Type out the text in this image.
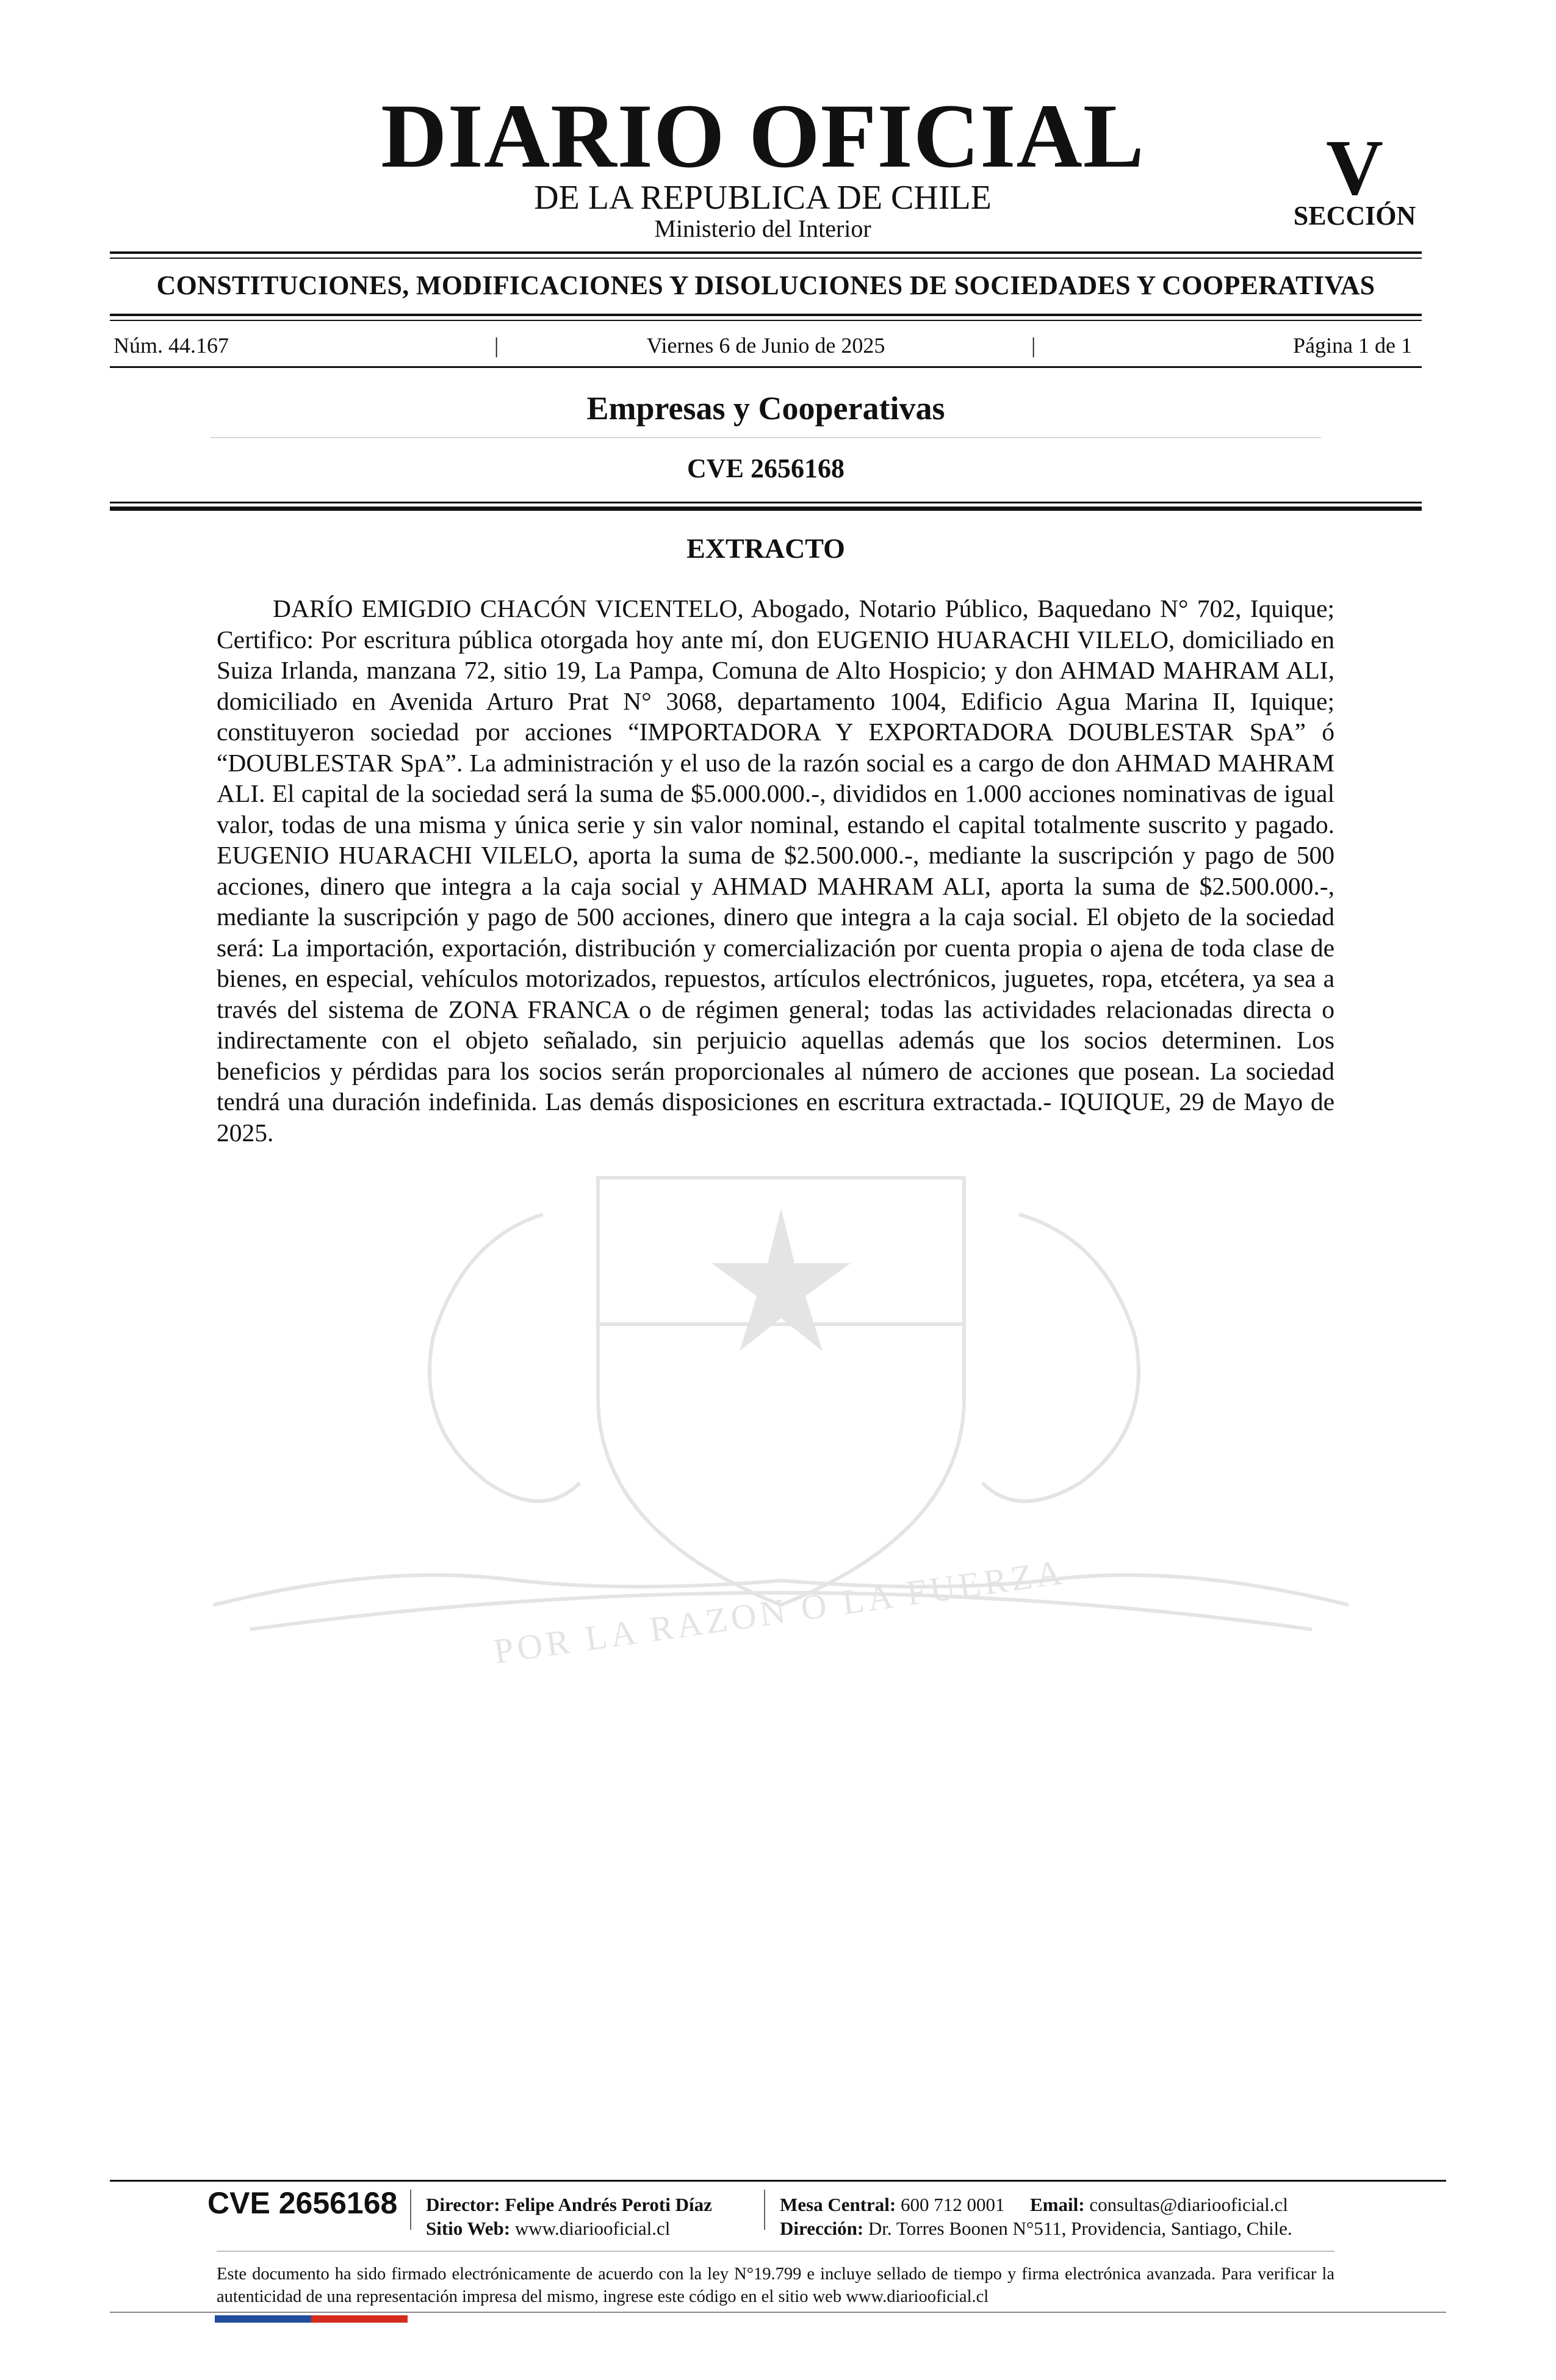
DIARIO OFICIAL
DE LA REPUBLICA DE CHILE
Ministerio del Interior
V
SECCIÓN
CONSTITUCIONES, MODIFICACIONES Y DISOLUCIONES DE SOCIEDADES Y COOPERATIVAS
Núm. 44.167	|	Viernes 6 de Junio de 2025	|	Página 1 de 1
Empresas y Cooperativas
CVE 2656168
POR LA RAZON O LA FUERZA
EXTRACTO

DARÍO EMIGDIO CHACÓN VICENTELO, Abogado, Notario Público, Baquedano N° 702, Iquique; Certifico: Por escritura pública otorgada hoy ante mí, don EUGENIO HUARACHI VILELO, domiciliado en Suiza Irlanda, manzana 72, sitio 19, La Pampa, Comuna de Alto Hospicio; y don AHMAD MAHRAM ALI, domiciliado en Avenida Arturo Prat N° 3068, departamento 1004, Edificio Agua Marina II, Iquique; constituyeron sociedad por acciones “IMPORTADORA Y EXPORTADORA DOUBLESTAR SpA” ó “DOUBLESTAR SpA”. La administración y el uso de la razón social es a cargo de don AHMAD MAHRAM ALI. El capital de la sociedad será la suma de $5.000.000.-, divididos en 1.000 acciones nominativas de igual valor, todas de una misma y única serie y sin valor nominal, estando el capital totalmente suscrito y pagado. EUGENIO HUARACHI VILELO, aporta la suma de $2.500.000.-, mediante la suscripción y pago de 500 acciones, dinero que integra a la caja social y AHMAD MAHRAM ALI, aporta la suma de $2.500.000.-, mediante la suscripción y pago de 500 acciones, dinero que integra a la caja social. El objeto de la sociedad será: La importación, exportación, distribución y comercialización por cuenta propia o ajena de toda clase de bienes, en especial, vehículos motorizados, repuestos, artículos electrónicos, juguetes, ropa, etcétera, ya sea a través del sistema de ZONA FRANCA o de régimen general; todas las actividades relacionadas directa o indirectamente con el objeto señalado, sin perjuicio aquellas además que los socios determinen. Los beneficios y pérdidas para los socios serán proporcionales al número de acciones que posean. La sociedad tendrá una duración indefinida. Las demás disposiciones en escritura extractada.- IQUIQUE, 29 de Mayo de 2025.

CVE 2656168 Director: Felipe Andrés Peroti Díaz
Sitio Web: www.diariooficial.cl
Mesa Central: 600 712 0001 Email: consultas@diariooficial.cl
Dirección: Dr. Torres Boonen N°511, Providencia, Santiago, Chile.

Este documento ha sido firmado electrónicamente de acuerdo con la ley N°19.799 e incluye sellado de tiempo y firma electrónica avanzada. Para verificar la autenticidad de una representación impresa del mismo, ingrese este código en el sitio web www.diariooficial.cl
